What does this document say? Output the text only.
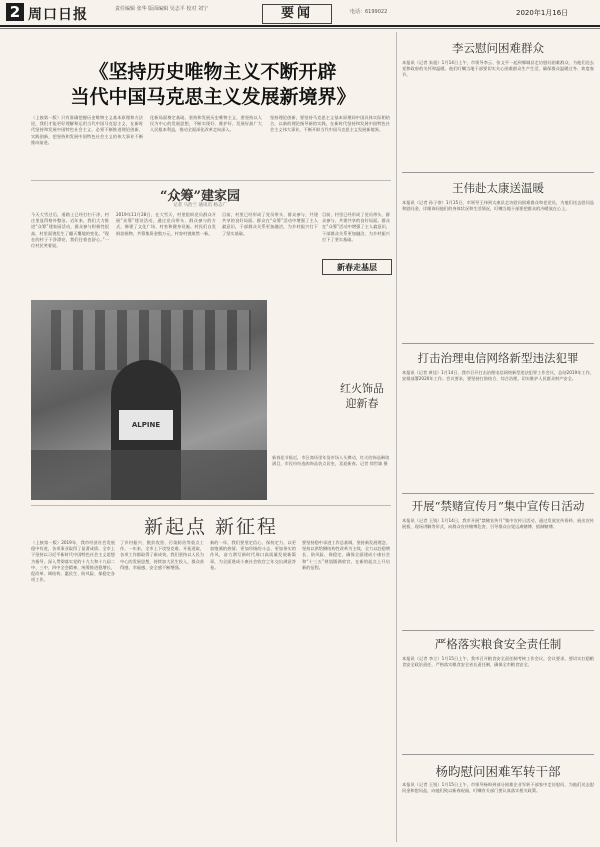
2 周口日报	责任编辑 张华 版面编辑 吴志平 校对 刘宁	要闻	电话：6199022	2020年1月16日
《坚持历史唯物主义不断开辟
当代中国马克思主义发展新境界》
（上接第一版）只有准确把握历史唯物主义基本原理和方法论，我们才能更好理解和运用当代中国马克思主义，在新时代坚持和发展中国特色社会主义。必须不断推进理论创新、实践创新，把坚持和发展中国特色社会主义的伟大事业不断推向前进。
化新局面奠定基础。坚持和发展历史唯物主义，要坚持以人民为中心的发展思想，不断实现好、维护好、发展好最广大人民根本利益，推动全面深化改革走向深入。
坚持理论创新，要坚持马克思主义基本原理同中国具体实际相结合，以新的理论指导新的实践，在新时代坚持和发展中国特色社会主义伟大事业，不断开辟当代中国马克思主义发展新境界。
“众筹”建家园
记者 马治兰 通讯员 杨志广
今天大雪过后，道路上已经打扫干净，村庄里显得格外整洁。近年来，我们大力推进“众筹”建家园活动，群众参与积极性很高，村里面貌发生了翻天覆地的变化。“现在的村子干净漂亮，我们住着也舒心。”一位村民笑着说。
2019年11月28日，在大雪天，村里组织党员群众开展“众筹”建设活动，通过党员带头、群众参与的方式，修建了文化广场、村室和健身设施。村民们自发捐款捐物，共筹集资金数万元，村容村貌焕然一新。
目前，村里已经形成了党员带头、群众参与、共建共享的良好局面。群众在“众筹”活动中增强了主人翁意识，干部群众关系更加融洽，为乡村振兴打下了坚实基础。
目前，村里已经形成了党员带头、群众参与、共建共享的良好局面。群众在“众筹”活动中增强了主人翁意识，干部群众关系更加融洽，为乡村振兴打下了坚实基础。
新春走基层
ALPINE
红火饰品
迎新春
新春佳节临近，市区商场里年货市场人头攒动，红火的饰品琳琅满目，市民纷纷选购饰品装点居室，喜迎新春。记者 徐世雄 摄
新起点 新征程
（上接第一版）2019年，我市经济社会发展稳中有进，各项事业取得了显著成绩。全市上下坚持以习近平新时代中国特色社会主义思想为指导，深入贯彻落实党的十九大和十九届二中、三中、四中全会精神，统筹推进稳增长、促改革、调结构、惠民生、防风险、保稳定各项工作。
了乡村振兴、脱贫攻坚、污染防治等重点工作。一年来，全市上下攻坚克难、开拓进取，各项工作都取得了新成效。我们坚持以人民为中心的发展思想，持续加大民生投入，群众获得感、幸福感、安全感不断增强。
新的一年，我们要坚定信心、保持定力，以更加饱满的热情、更加昂扬的斗志、更加务实的作风，奋力谱写新时代周口高质量发展新篇章，为全面建成小康社会收官之年交出满意答卷。
要坚持稳中求进工作总基调，坚持新发展理念，坚持以供给侧结构性改革为主线，全力以赴稳增长、防风险、保稳定，确保全面建成小康社会和“十三五”规划圆满收官，在新的起点上开启新的征程。
李云慰问困难群众
本报讯（记者 朱旭）1月14日上午，市领导李云、张文平一起到郸城县走访慰问困难群众，为他们送去党和政府的关怀和温暖。他们叮嘱当地干部要切实关心困难群众生产生活，确保群众温暖过冬、欢度春节。
王伟赴太康送温暖
本报讯（记者 孙子豪）1月15日，市领导王伟到太康县走访慰问困难群众和老党员，为他们送去慰问品和慰问金，详细询问他们的身体状况和生活情况，叮嘱当地干部要把群众的冷暖放在心上。
打击治理电信网络新型违法犯罪
本报讯（记者 黄佳）1月14日，我市召开打击治理电信网络新型违法犯罪工作会议，总结2019年工作，安排部署2020年工作。会议要求，要坚持打防结合、综合治理，切实维护人民群众财产安全。
开展“禁赌宣传月”集中宣传日活动
本报讯（记者 王锐）1月14日，我市开展“禁赌宣传月”集中宣传日活动，通过发放宣传资料、展出宣传展板、现场讲解等形式，向群众宣传赌博危害，引导群众自觉远离赌博、抵制赌博。
严格落实粮食安全责任制
本报讯（记者 李立）1月15日上午，我市召开粮食安全责任制考核工作会议。会议要求，要切实扛稳粮食安全政治责任，严格落实粮食安全省长责任制，确保全市粮食安全。
杨昀慰问困难军转干部
本报讯（记者 王锐）1月15日上午，市领导杨昀到部分困难企业军转干部家中走访慰问，为他们送去慰问金和慰问品，向他们致以新春祝福，叮嘱有关部门要认真落实相关政策。
